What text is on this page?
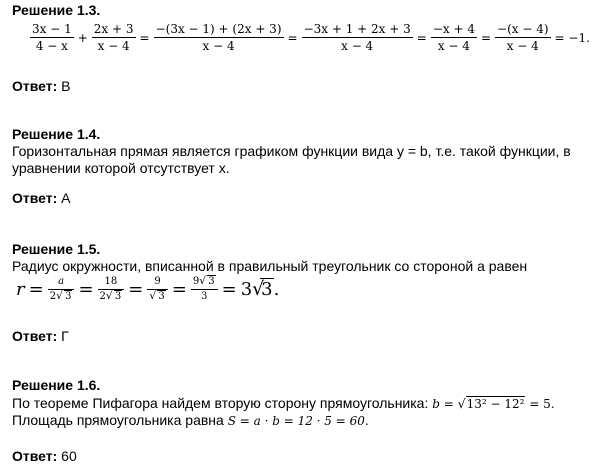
Решение 1.3.
$\frac{3x - 1}{4 - x} + \frac{2x + 3}{x - 4} = \frac{-(3x - 1) + (2x + 3)}{x - 4} = \frac{-3x + 1 + 2x + 3}{x - 4} = \frac{-x + 4}{x - 4} = \frac{-(x - 4)}{x - 4} = -1$.
Ответ: В
Решение 1.4.
Горизонтальная прямая является графиком функции вида y = b, т.е. такой функции, в
уравнении которой отсутствует x.
Ответ: А
Решение 1.5.
Радиус окружности, вписанной в правильный треугольник со стороной a равен
$r = \frac{a}{2 √ 3} = \frac{18}{2 √ 3} = \frac{9}{√ 3} = \frac{9 √ 3}{3} = 3$ √
3.
Ответ: Г
Решение 1.6.
По теореме Пифагора найдем вторую сторону прямоугольника: b = √ 13² − 12² = 5.
Площадь прямоугольника равна S = a · b = 12 · 5 = 60.
Ответ: 60
